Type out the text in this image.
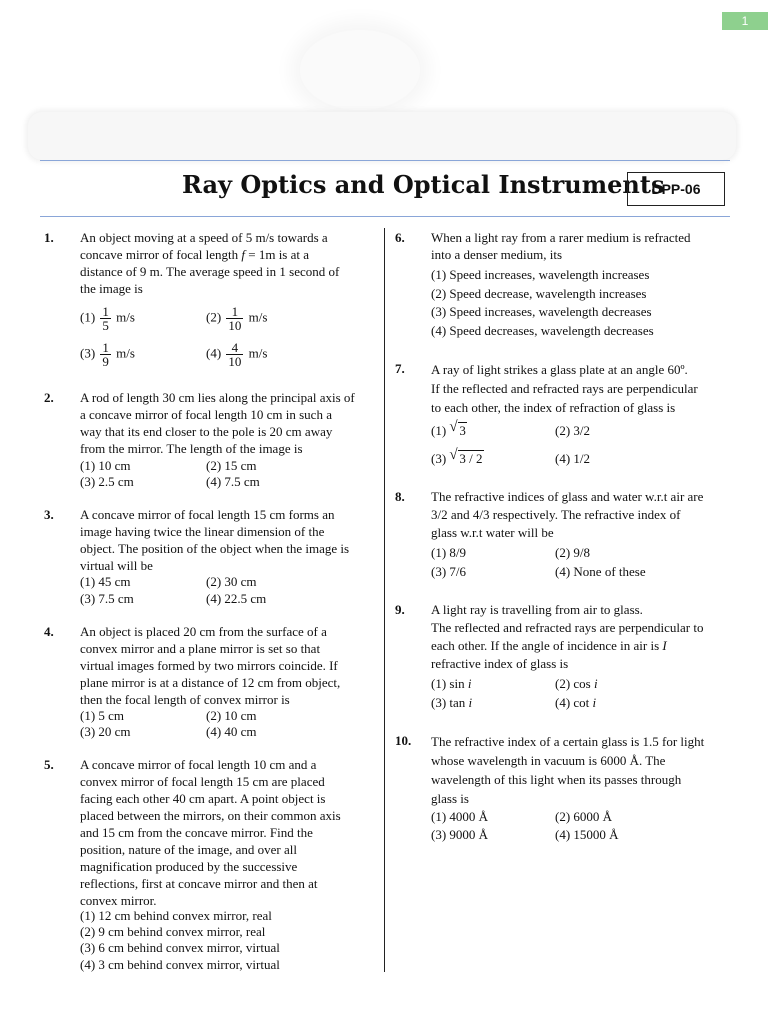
1
Ray Optics and Optical Instruments
DPP-06
1. An object moving at a speed of 5 m/s towards a
concave mirror of focal length f = 1m is at a
distance of 9 m. The average speed in 1 second of
the image is
$(1) \frac{1}{5} m/s$	$(2) \frac{1}{10} m/s$
$(3) \frac{1}{9} m/s$	$(4) \frac{4}{10} m/s$
2. A rod of length 30 cm lies along the principal axis of
a concave mirror of focal length 10 cm in such a
way that its end closer to the pole is 20 cm away
from the mirror. The length of the image is
(1) 10 cm	(2) 15 cm
(3) 2.5 cm	(4) 7.5 cm
3. A concave mirror of focal length 15 cm forms an
image having twice the linear dimension of the
object. The position of the object when the image is
virtual will be
(1) 45 cm	(2) 30 cm
(3) 7.5 cm	(4) 22.5 cm
4. An object is placed 20 cm from the surface of a
convex mirror and a plane mirror is set so that
virtual images formed by two mirrors coincide. If
plane mirror is at a distance of 12 cm from object,
then the focal length of convex mirror is
(1) 5 cm	(2) 10 cm
(3) 20 cm	(4) 40 cm
5. A concave mirror of focal length 10 cm and a
convex mirror of focal length 15 cm are placed
facing each other 40 cm apart. A point object is
placed between the mirrors, on their common axis
and 15 cm from the concave mirror. Find the
position, nature of the image, and over all
magnification produced by the successive
reflections, first at concave mirror and then at
convex mirror.
(1) 12 cm behind convex mirror, real
(2) 9 cm behind convex mirror, real
(3) 6 cm behind convex mirror, virtual
(4) 3 cm behind convex mirror, virtual
6. When a light ray from a rarer medium is refracted
into a denser medium, its
(1) Speed increases, wavelength increases
(2) Speed decrease, wavelength increases
(3) Speed increases, wavelength decreases
(4) Speed decreases, wavelength decreases
7. A ray of light strikes a glass plate at an angle 60º.
If the reflected and refracted rays are perpendicular
to each other, the index of refraction of glass is
(1) √ 3	(2) 3/2
(3) √ 3 / 2	(4) 1/2
8. The refractive indices of glass and water w.r.t air are
3/2 and 4/3 respectively. The refractive index of
glass w.r.t water will be
(1) 8/9	(2) 9/8
(3) 7/6	(4) None of these
9. A light ray is travelling from air to glass.
The reflected and refracted rays are perpendicular to
each other. If the angle of incidence in air is I
refractive index of glass is
(1) sin i	(2) cos i
(3) tan i	(4) cot i
10. The refractive index of a certain glass is 1.5 for light
whose wavelength in vacuum is 6000 Å. The
wavelength of this light when its passes through
glass is
(1) 4000 Å	(2) 6000 Å
(3) 9000 Å	(4) 15000 Å
